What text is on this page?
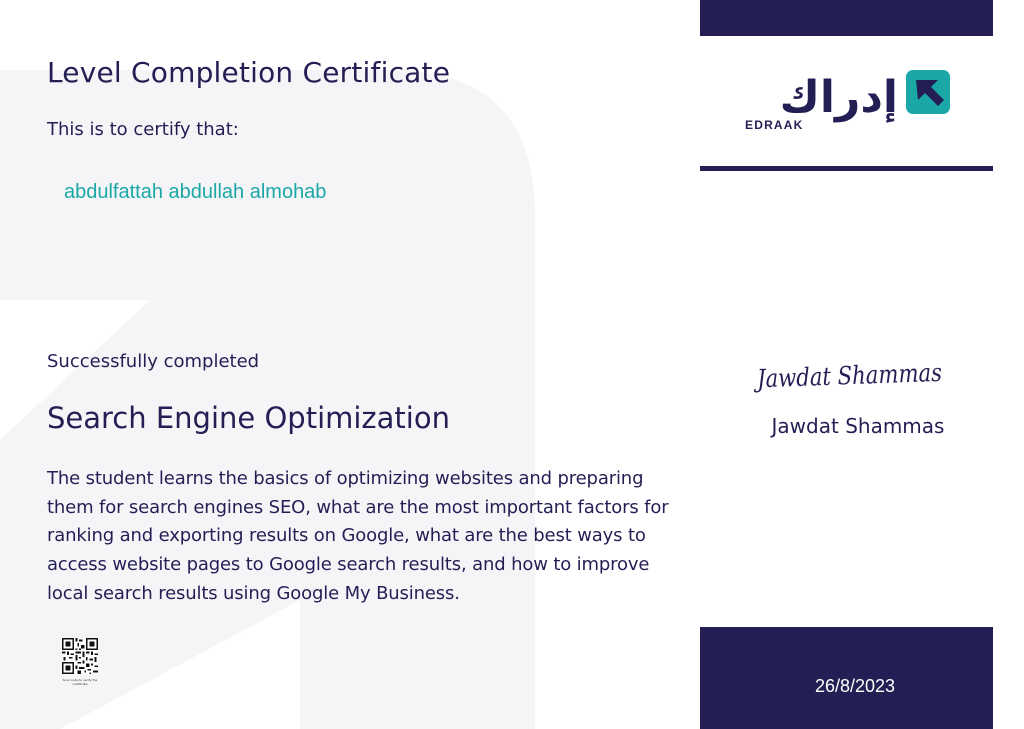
Level Completion Certificate
This is to certify that:
abdulfattah abdullah almohab
Successfully completed
Search Engine Optimization

The student learns the basics of optimizing websites and preparing them for search engines SEO, what are the most important factors for ranking and exporting results on Google, what are the best ways to access website pages to Google search results, and how to improve local search results using Google My Business.

Scan code to verify the certificate
إدراك
EDRAAK
Jawdat Shammas
Jawdat Shammas
26/8/2023
